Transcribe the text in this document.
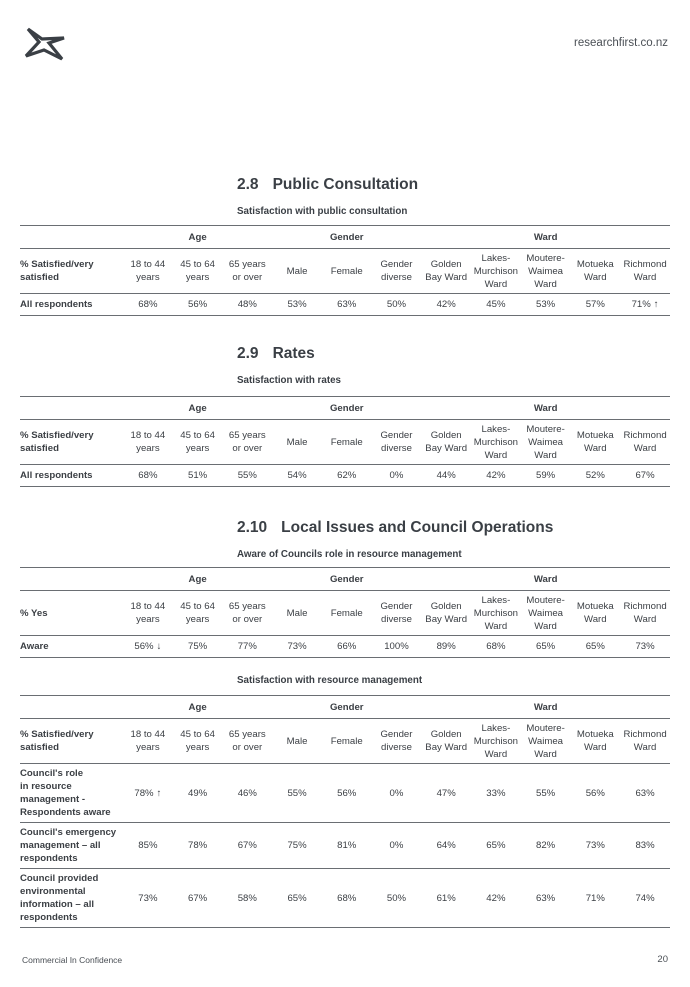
researchfirst.co.nz
2.8 Public Consultation
Satisfaction with public consultation
	Age			Gender			Ward				
% Satisfied/very
satisfied	18 to 44
years	45 to 64
years	65 years
or over	Male	Female	Gender
diverse	Golden
Bay Ward	Lakes-
Murchison
Ward	Moutere-
Waimea
Ward	Motueka
Ward	Richmond
Ward
All respondents	68%	56%	48%	53%	63%	50%	42%	45%	53%	57%	71% ↑
2.9 Rates
Satisfaction with rates
	Age			Gender			Ward				
% Satisfied/very
satisfied	18 to 44
years	45 to 64
years	65 years
or over	Male	Female	Gender
diverse	Golden
Bay Ward	Lakes-
Murchison
Ward	Moutere-
Waimea
Ward	Motueka
Ward	Richmond
Ward
All respondents	68%	51%	55%	54%	62%	0%	44%	42%	59%	52%	67%
2.10 Local Issues and Council Operations
Aware of Councils role in resource management
	Age			Gender			Ward				
% Yes	18 to 44
years	45 to 64
years	65 years
or over	Male	Female	Gender
diverse	Golden
Bay Ward	Lakes-
Murchison
Ward	Moutere-
Waimea
Ward	Motueka
Ward	Richmond
Ward
Aware	56% ↓	75%	77%	73%	66%	100%	89%	68%	65%	65%	73%
Satisfaction with resource management
	Age			Gender			Ward				
% Satisfied/very
satisfied	18 to 44
years	45 to 64
years	65 years
or over	Male	Female	Gender
diverse	Golden
Bay Ward	Lakes-
Murchison
Ward	Moutere-
Waimea
Ward	Motueka
Ward	Richmond
Ward
Council's role
in resource
management -
Respondents aware	78% ↑	49%	46%	55%	56%	0%	47%	33%	55%	56%	63%
Council's emergency
management – all
respondents	85%	78%	67%	75%	81%	0%	64%	65%	82%	73%	83%
Council provided
environmental
information – all
respondents	73%	67%	58%	65%	68%	50%	61%	42%	63%	71%	74%
Commercial In Confidence	20
